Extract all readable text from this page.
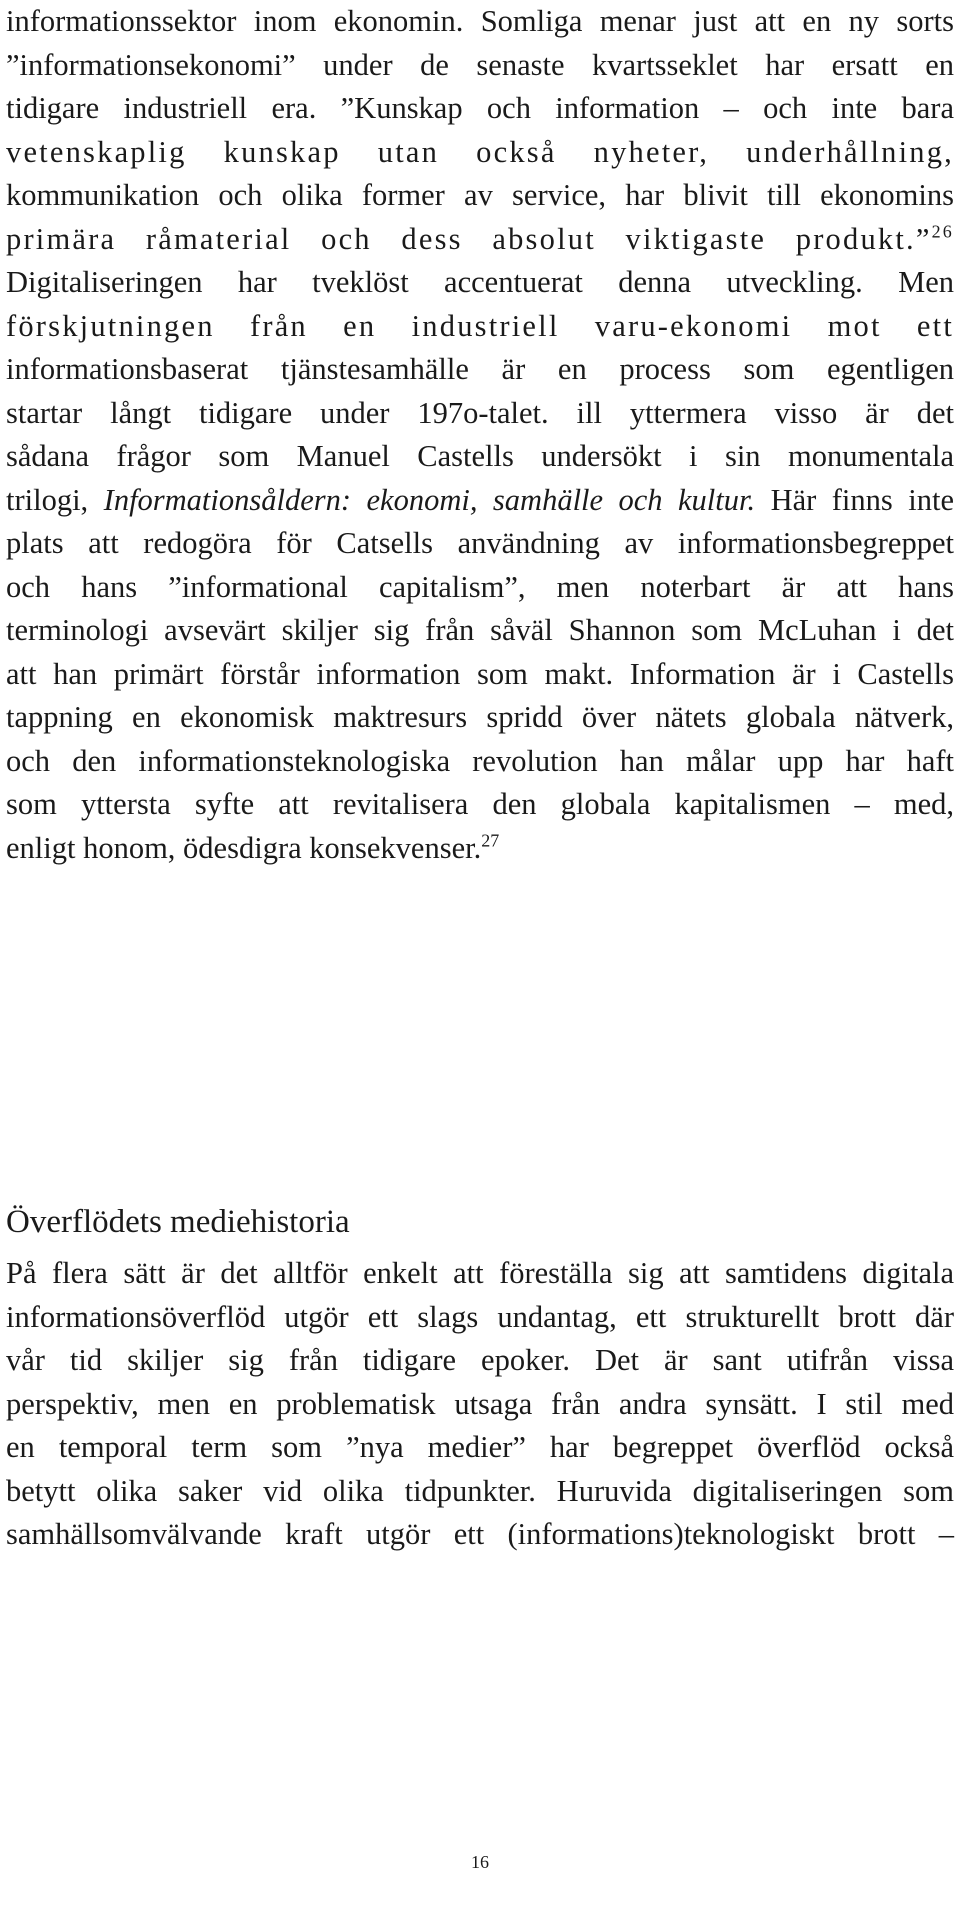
informationssektor inom ekonomin. Somliga menar just att en ny sorts
”informationsekonomi” under de senaste kvartsseklet har ersatt en
tidigare industriell era. ”Kunskap och information – och inte bara
vetenskaplig kunskap utan också nyheter, underhållning,
kommunikation och olika former av service, har blivit till ekonomins
primära råmaterial och dess absolut viktigaste produkt.”$^{26}$
Digitaliseringen har tveklöst accentuerat denna utveckling. Men
förskjutningen från en industriell varu-ekonomi mot ett
informationsbaserat tjänstesamhälle är en process som egentligen
startar långt tidigare under 197o-talet. ill yttermera visso är det
sådana frågor som Manuel Castells undersökt i sin monumentala
trilogi, Informationsåldern: ekonomi, samhälle och kultur. Här finns inte
plats att redogöra för Catsells användning av informationsbegreppet
och hans ”informational capitalism”, men noterbart är att hans
terminologi avsevärt skiljer sig från såväl Shannon som McLuhan i det
att han primärt förstår information som makt. Information är i Castells
tappning en ekonomisk maktresurs spridd över nätets globala nätverk,
och den informationsteknologiska revolution han målar upp har haft
som yttersta syfte att revitalisera den globala kapitalismen – med,
enligt honom, ödesdigra konsekvenser.$^{27}$
Överflödets mediehistoria
På flera sätt är det alltför enkelt att föreställa sig att samtidens digitala
informationsöverflöd utgör ett slags undantag, ett strukturellt brott där
vår tid skiljer sig från tidigare epoker. Det är sant utifrån vissa
perspektiv, men en problematisk utsaga från andra synsätt. I stil med
en temporal term som ”nya medier” har begreppet överflöd också
betytt olika saker vid olika tidpunkter. Huruvida digitaliseringen som
samhällsomvälvande kraft utgör ett (informations)teknologiskt brott –
16
